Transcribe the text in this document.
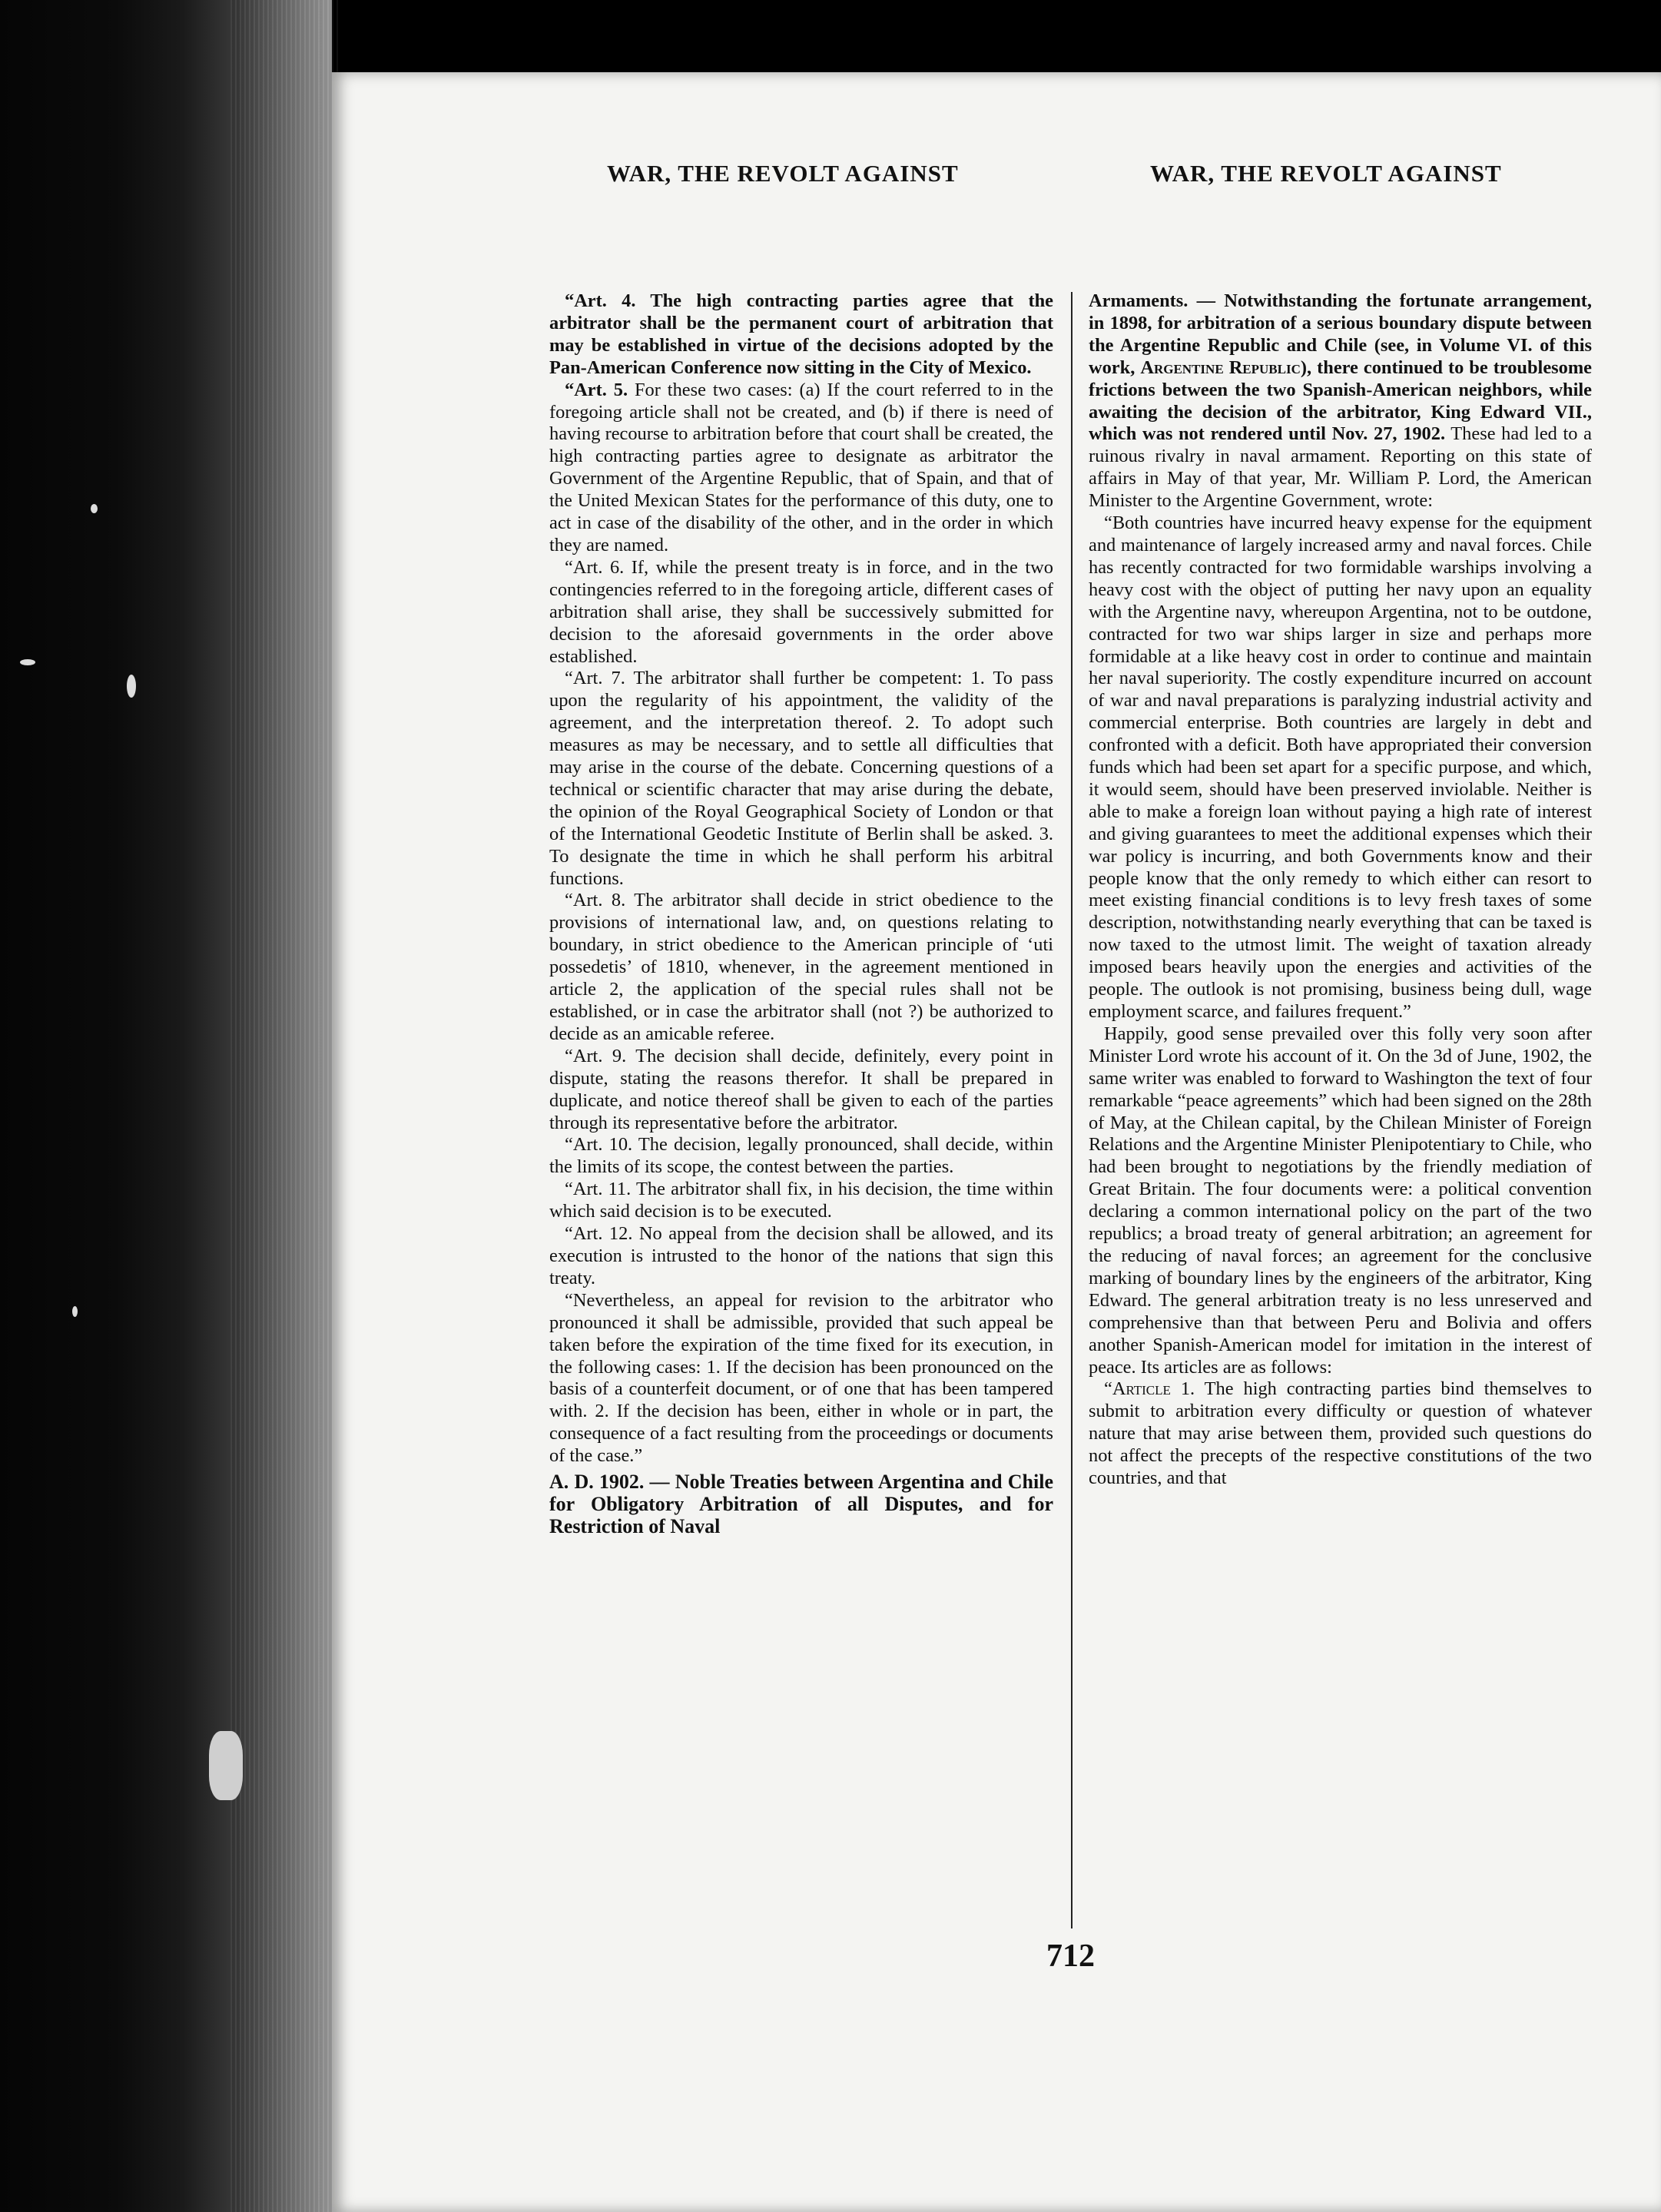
WAR, THE REVOLT AGAINST	WAR, THE REVOLT AGAINST

“Art. 4. The high contracting parties agree that the arbitrator shall be the permanent court of arbitration that may be established in virtue of the decisions adopted by the Pan-American Conference now sitting in the City of Mexico.

“Art. 5. For these two cases: (a) If the court referred to in the foregoing article shall not be created, and (b) if there is need of having recourse to arbitration before that court shall be created, the high contracting parties agree to designate as arbitrator the Government of the Argentine Republic, that of Spain, and that of the United Mexican States for the performance of this duty, one to act in case of the disability of the other, and in the order in which they are named.

“Art. 6. If, while the present treaty is in force, and in the two contingencies referred to in the foregoing article, different cases of arbitration shall arise, they shall be successively submitted for decision to the aforesaid governments in the order above established.

“Art. 7. The arbitrator shall further be competent: 1. To pass upon the regularity of his appointment, the validity of the agreement, and the interpretation thereof. 2. To adopt such measures as may be necessary, and to settle all difficulties that may arise in the course of the debate. Concerning questions of a technical or scientific character that may arise during the debate, the opinion of the Royal Geographical Society of London or that of the International Geodetic Institute of Berlin shall be asked. 3. To designate the time in which he shall perform his arbitral functions.

“Art. 8. The arbitrator shall decide in strict obedience to the provisions of international law, and, on questions relating to boundary, in strict obedience to the American principle of ‘uti possedetis’ of 1810, whenever, in the agreement mentioned in article 2, the application of the special rules shall not be established, or in case the arbitrator shall (not ?) be authorized to decide as an amicable referee.

“Art. 9. The decision shall decide, definitely, every point in dispute, stating the reasons therefor. It shall be prepared in duplicate, and notice thereof shall be given to each of the parties through its representative before the arbitrator.

“Art. 10. The decision, legally pronounced, shall decide, within the limits of its scope, the contest between the parties.

“Art. 11. The arbitrator shall fix, in his decision, the time within which said decision is to be executed.

“Art. 12. No appeal from the decision shall be allowed, and its execution is intrusted to the honor of the nations that sign this treaty.

“Nevertheless, an appeal for revision to the arbitrator who pronounced it shall be admissible, provided that such appeal be taken before the expiration of the time fixed for its execution, in the following cases: 1. If the decision has been pronounced on the basis of a counterfeit document, or of one that has been tampered with. 2. If the decision has been, either in whole or in part, the consequence of a fact resulting from the proceedings or documents of the case.”

A. D. 1902. — Noble Treaties between Argentina and Chile for Obligatory Arbitration of all Disputes, and for Restriction of Naval

Armaments. — Notwithstanding the fortunate arrangement, in 1898, for arbitration of a serious boundary dispute between the Argentine Republic and Chile (see, in Volume VI. of this work, Argentine Republic), there continued to be troublesome frictions between the two Spanish-American neighbors, while awaiting the decision of the arbitrator, King Edward VII., which was not rendered until Nov. 27, 1902. These had led to a ruinous rivalry in naval armament. Reporting on this state of affairs in May of that year, Mr. William P. Lord, the American Minister to the Argentine Government, wrote:

“Both countries have incurred heavy expense for the equipment and maintenance of largely increased army and naval forces. Chile has recently contracted for two formidable warships involving a heavy cost with the object of putting her navy upon an equality with the Argentine navy, whereupon Argentina, not to be outdone, contracted for two war ships larger in size and perhaps more formidable at a like heavy cost in order to continue and maintain her naval superiority. The costly expenditure incurred on account of war and naval preparations is paralyzing industrial activity and commercial enterprise. Both countries are largely in debt and confronted with a deficit. Both have appropriated their conversion funds which had been set apart for a specific purpose, and which, it would seem, should have been preserved inviolable. Neither is able to make a foreign loan without paying a high rate of interest and giving guarantees to meet the additional expenses which their war policy is incurring, and both Governments know and their people know that the only remedy to which either can resort to meet existing financial conditions is to levy fresh taxes of some description, notwithstanding nearly everything that can be taxed is now taxed to the utmost limit. The weight of taxation already imposed bears heavily upon the energies and activities of the people. The outlook is not promising, business being dull, wage employment scarce, and failures frequent.”

Happily, good sense prevailed over this folly very soon after Minister Lord wrote his account of it. On the 3d of June, 1902, the same writer was enabled to forward to Washington the text of four remarkable “peace agreements” which had been signed on the 28th of May, at the Chilean capital, by the Chilean Minister of Foreign Relations and the Argentine Minister Plenipotentiary to Chile, who had been brought to negotiations by the friendly mediation of Great Britain. The four documents were: a political convention declaring a common international policy on the part of the two republics; a broad treaty of general arbitration; an agreement for the reducing of naval forces; an agreement for the conclusive marking of boundary lines by the engineers of the arbitrator, King Edward. The general arbitration treaty is no less unreserved and comprehensive than that between Peru and Bolivia and offers another Spanish-American model for imitation in the interest of peace. Its articles are as follows:

“Article 1. The high contracting parties bind themselves to submit to arbitration every difficulty or question of whatever nature that may arise between them, provided such questions do not affect the precepts of the respective constitutions of the two countries, and that

712
